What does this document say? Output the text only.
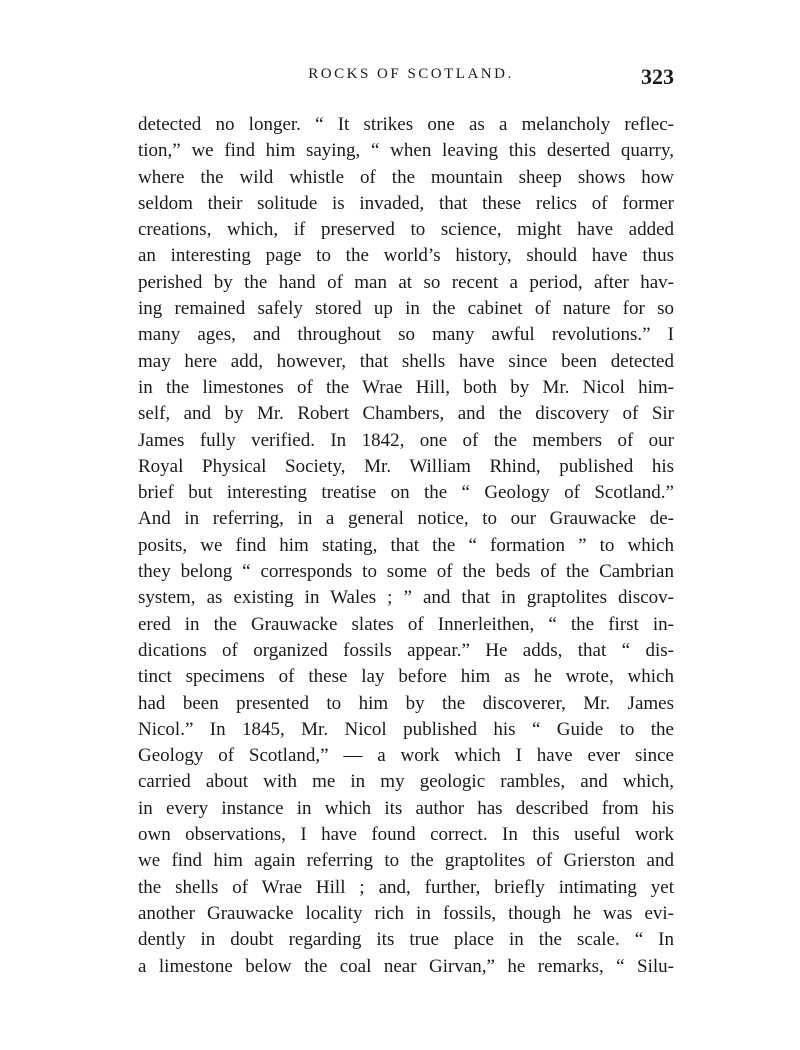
ROCKS OF SCOTLAND.	323
detected no longer. “ It strikes one as a melancholy reflec-
tion,” we find him saying, “ when leaving this deserted quarry,
where the wild whistle of the mountain sheep shows how
seldom their solitude is invaded, that these relics of former
creations, which, if preserved to science, might have added
an interesting page to the world’s history, should have thus
perished by the hand of man at so recent a period, after hav-
ing remained safely stored up in the cabinet of nature for so
many ages, and throughout so many awful revolutions.” I
may here add, however, that shells have since been detected
in the limestones of the Wrae Hill, both by Mr. Nicol him-
self, and by Mr. Robert Chambers, and the discovery of Sir
James fully verified. In 1842, one of the members of our
Royal Physical Society, Mr. William Rhind, published his
brief but interesting treatise on the “ Geology of Scotland.”
And in referring, in a general notice, to our Grauwacke de-
posits, we find him stating, that the “ formation ” to which
they belong “ corresponds to some of the beds of the Cambrian
system, as existing in Wales ; ” and that in graptolites discov-
ered in the Grauwacke slates of Innerleithen, “ the first in-
dications of organized fossils appear.” He adds, that “ dis-
tinct specimens of these lay before him as he wrote, which
had been presented to him by the discoverer, Mr. James
Nicol.” In 1845, Mr. Nicol published his “ Guide to the
Geology of Scotland,” — a work which I have ever since
carried about with me in my geologic rambles, and which,
in every instance in which its author has described from his
own observations, I have found correct. In this useful work
we find him again referring to the graptolites of Grierston and
the shells of Wrae Hill ; and, further, briefly intimating yet
another Grauwacke locality rich in fossils, though he was evi-
dently in doubt regarding its true place in the scale. “ In
a limestone below the coal near Girvan,” he remarks, “ Silu-
